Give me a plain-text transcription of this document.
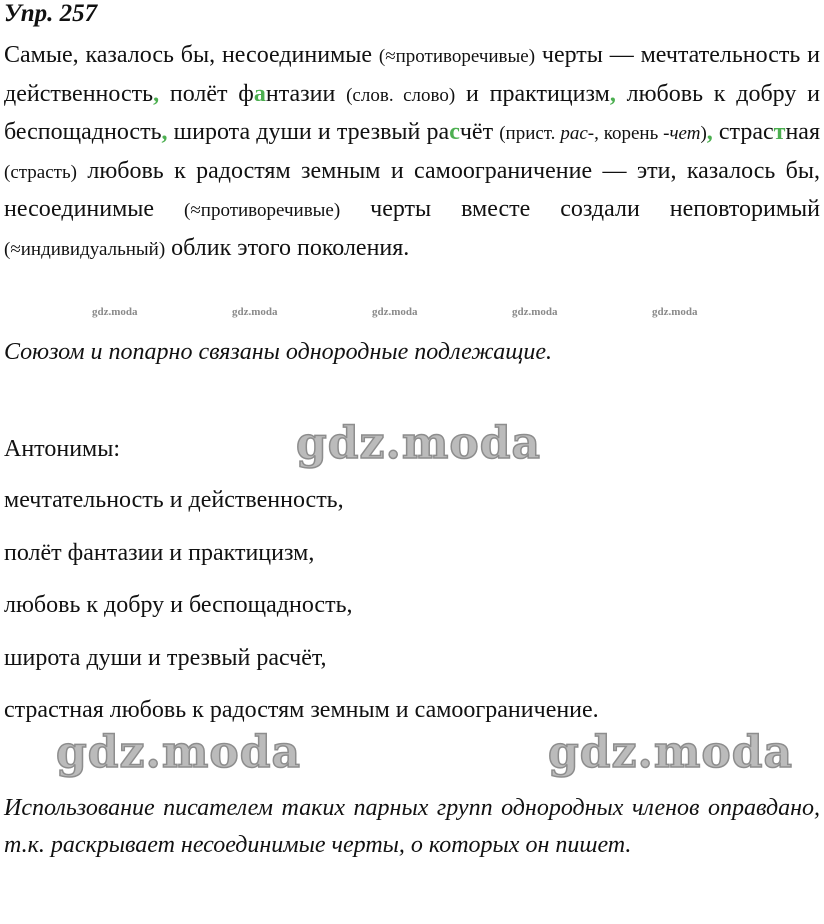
Упр. 257
Самые, казалось бы, несоединимые (≈противоречивые) черты — мечтательность и действенность, полёт фантазии (слов. слово) и практицизм, любовь к добру и беспощадность, широта души и трезвый расчёт (прист. рас-, корень -чет), страстная (страсть) любовь к радостям земным и самоограничение — эти, казалось бы, несоединимые (≈противоречивые) черты вместе создали неповторимый (≈индивидуальный) облик этого поколения.
gdz.moda	gdz.moda	gdz.moda	gdz.moda	gdz.moda
Союзом и попарно связаны однородные подлежащие.
Антонимы:	gdz.moda
мечтательность и действенность,
полёт фантазии и практицизм,
любовь к добру и беспощадность,
широта души и трезвый расчёт,
страстная любовь к радостям земным и самоограничение.
gdz.moda	gdz.moda
Использование писателем таких парных групп однородных членов оправдано, т.к. раскрывает несоединимые черты, о которых он пишет.
